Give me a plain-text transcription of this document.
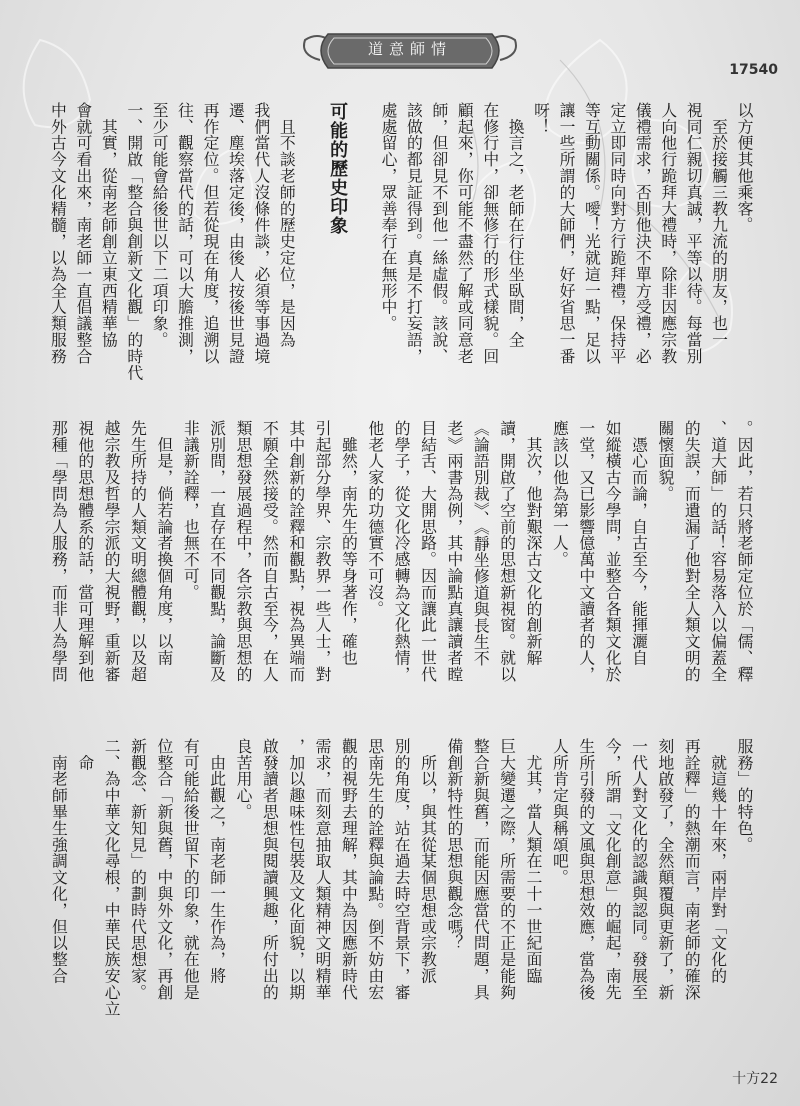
道意師情
17540
以方便其他乘客。
　至於接觸三教九流的朋友，也一
視同仁親切真誠，平等以待。每當別
人向他行跪拜大禮時，除非因應宗教
儀禮需求，否則他決不單方受禮，必
定立即同時向對方行跪拜禮，保持平
等互動關係。噯！光就這一點，足以
讓一些所謂的大師們，好好省思一番
呀！
　換言之，老師在行住坐臥間，全
在修行中，卻無修行的形式樣貌。回
顧起來，你可能不盡然了解或同意老
師，但卻見不到他一絲虛假。該說、
該做的都見証得到。真是不打妄語，
處處留心，眾善奉行在無形中。
可能的歷史印象
　且不談老師的歷史定位，是因為
我們當代人沒條件談，必須等事過境
遷、塵埃落定後，由後人按後世見證
再作定位。但若從現在角度，追溯以
往、觀察當代的話，可以大膽推測，
至少可能會給後世以下二項印象。
一、開啟「整合與創新文化觀」的時代
　其實，從南老師創立東西精華協
會就可看出來，南老師一直倡議整合
中外古今文化精髓，以為全人類服務
。因此，若只將老師定位於「儒、釋
、道大師」的話！容易落入以偏蓋全
的失誤，而遺漏了他對全人類文明的
關懷面貌。
　憑心而論，自古至今，能揮灑自
如縱橫古今學問，並整合各類文化於
一堂，又已影響億萬中文讀者的人，
應該以他為第一人。
　其次，他對艱深古文化的創新解
讀，開啟了空前的思想新視窗。就以
《論語別裁》、《靜坐修道與長生不
老》兩書為例，其中論點真讓讀者瞠
目結舌、大開思路。因而讓此一世代
的學子，從文化冷感轉為文化熱情，
他老人家的功德實不可沒。
　雖然，南先生的等身著作，確也
引起部分學界、宗教界一些人士，對
其中創新的詮釋和觀點，視為異端而
不願全然接受。然而自古至今，在人
類思想發展過程中，各宗教與思想的
派別間，一直存在不同觀點，論斷及
非議新詮釋，也無不可。
　但是，倘若論者換個角度，以南
先生所持的人類文明總體觀，以及超
越宗教及哲學宗派的大視野，重新審
視他的思想體系的話，當可理解到他
那種「學問為人服務，而非人為學問
服務」的特色。
　就這幾十年來，兩岸對「文化的
再詮釋」的熱潮而言，南老師的確深
刻地啟發了，全然顛覆與更新了，新
一代人對文化的認識與認同。發展至
今，所謂「文化創意」的崛起，南先
生所引發的文風與思想效應，當為後
人所肯定與稱頌吧。
　尤其，當人類在二十一世紀面臨
巨大變遷之際，所需要的不正是能夠
整合新與舊，而能因應當代問題，具
備創新特性的思想與觀念嗎？
　所以，與其從某個思想或宗教派
別的角度，站在過去時空背景下，審
思南先生的詮釋與論點。倒不妨由宏
觀的視野去理解，其中為因應新時代
需求，而刻意抽取人類精神文明精華
，加以趣味性包裝及文化面貌，以期
啟發讀者思想與閱讀興趣，所付出的
良苦用心。
　由此觀之，南老師一生作為，將
有可能給後世留下的印象，就在他是
位整合「新與舊，中與外文化，再創
新觀念、新知見」的劃時代思想家。
二、為中華文化尋根，中華民族安心立
　命
　南老師畢生強調文化，但以整合
十方22
